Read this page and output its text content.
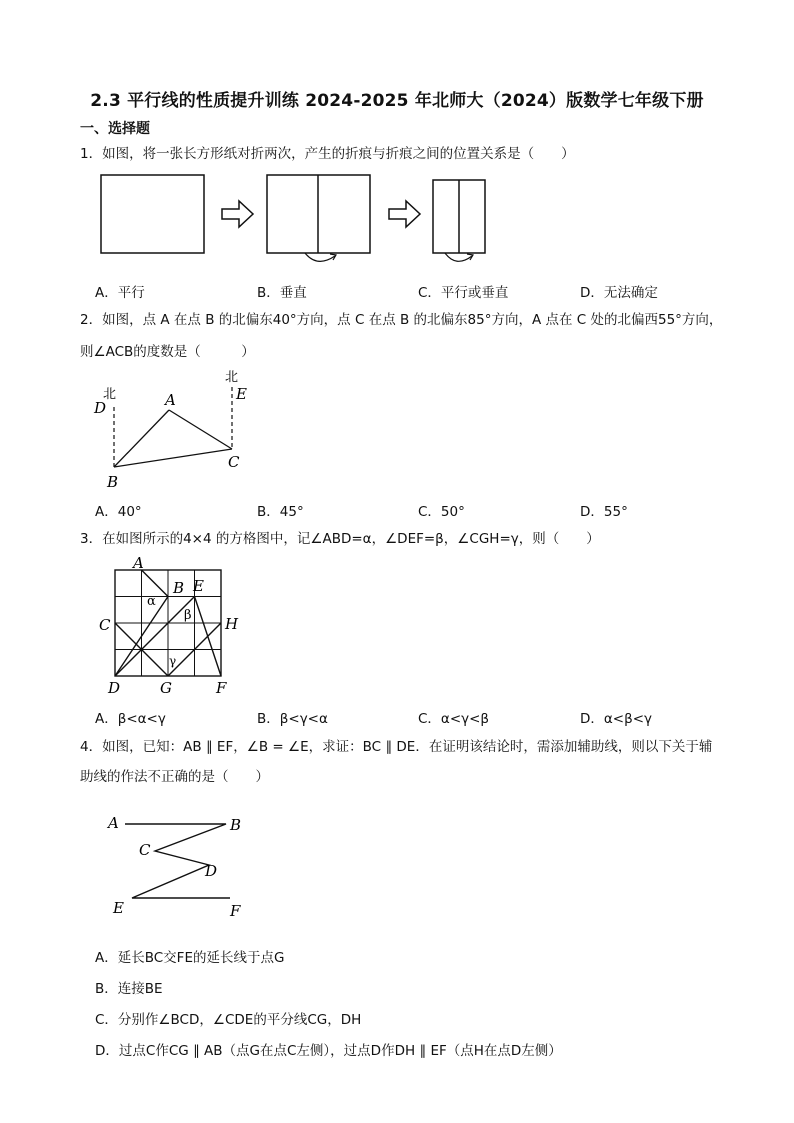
2.3 平行线的性质提升训练 2024-2025 年北师大（2024）版数学七年级下册
一、选择题
1．如图，将一张长方形纸对折两次，产生的折痕与折痕之间的位置关系是（　　）
A．平行	B．垂直	C．平行或垂直	D．无法确定
2．如图，点 A 在点 B 的北偏东40°方向，点 C 在点 B 的北偏东85°方向，A 点在 C 处的北偏西55°方向，
则∠ACB的度数是（　　　）
北
D	A
北
E
B
C
A．40°	B．45°	C．50°	D．55°
3．在如图所示的4×4 的方格图中，记∠ABD=α，∠DEF=β，∠CGH=γ，则（　　）
A
B E
C	H
D	G	F
α
β
γ
A．β<α<γ	B．β<γ<α	C．α<γ<β	D．α<β<γ
4．如图，已知：AB ∥ EF，∠B = ∠E，求证：BC ∥ DE．在证明该结论时，需添加辅助线，则以下关于辅
助线的作法不正确的是（　　）
A	B
C
D
E	F
A．延长BC交FE的延长线于点G
B．连接BE
C．分别作∠BCD，∠CDE的平分线CG，DH
D．过点C作CG ∥ AB（点G在点C左侧），过点D作DH ∥ EF（点H在点D左侧）
